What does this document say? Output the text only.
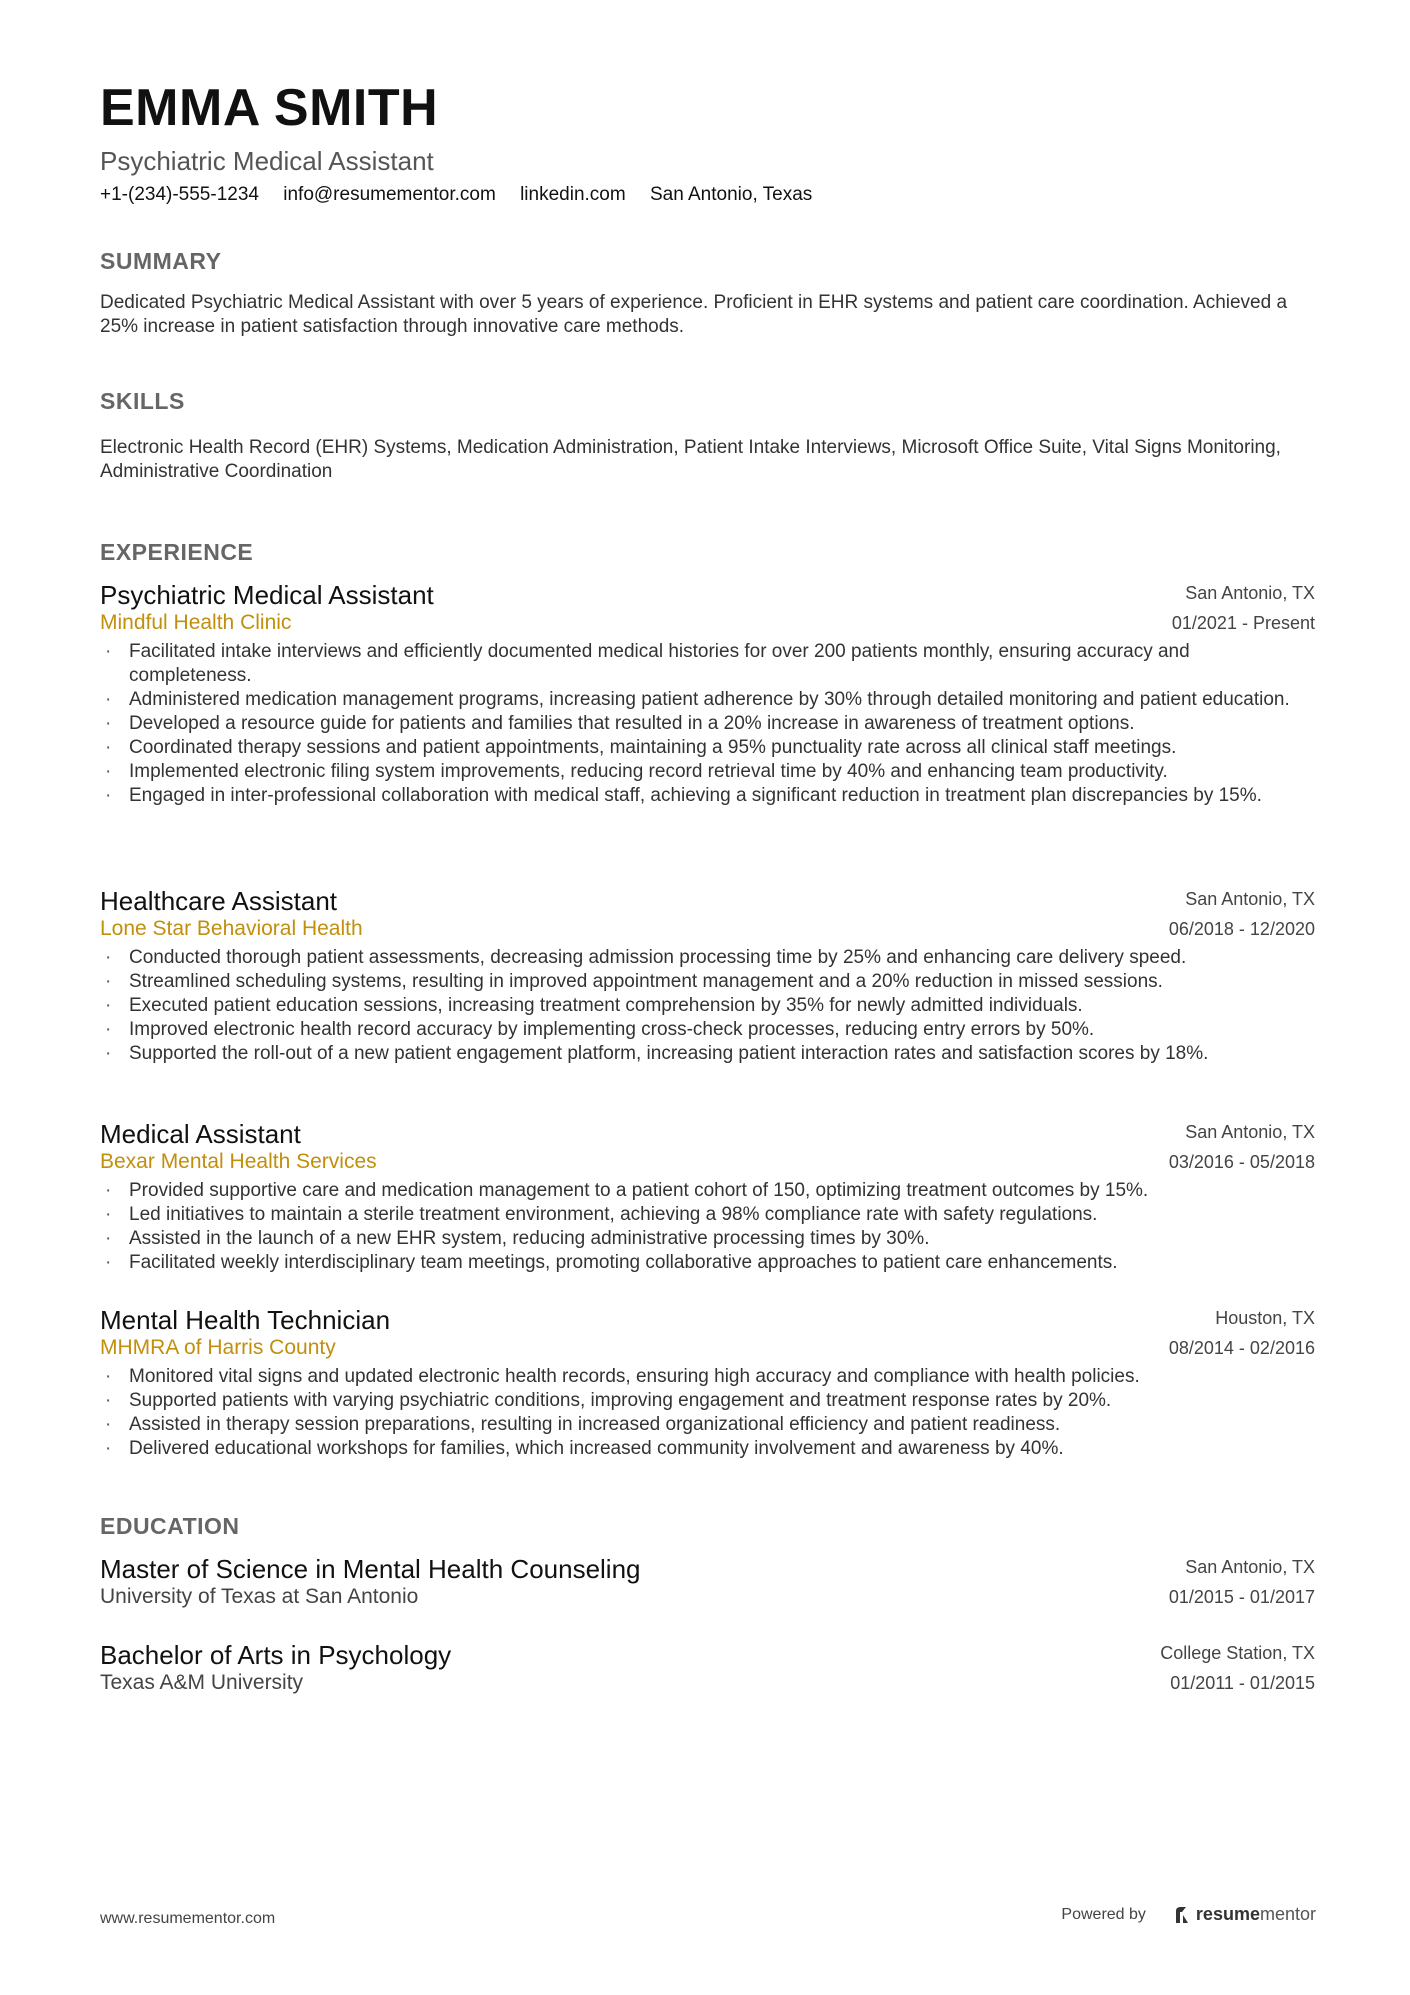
EMMA SMITH
Psychiatric Medical Assistant
+1-(234)-555-1234 info@resumementor.com linkedin.com San Antonio, Texas
SUMMARY
Dedicated Psychiatric Medical Assistant with over 5 years of experience. Proficient in EHR systems and patient care coordination. Achieved a 25% increase in patient satisfaction through innovative care methods.
SKILLS
Electronic Health Record (EHR) Systems, Medication Administration, Patient Intake Interviews, Microsoft Office Suite, Vital Signs Monitoring, Administrative Coordination
EXPERIENCE
Psychiatric Medical Assistant
Mindful Health Clinic
San Antonio, TX
01/2021 - Present
· Facilitated intake interviews and efficiently documented medical histories for over 200 patients monthly, ensuring accuracy and completeness.
· Administered medication management programs, increasing patient adherence by 30% through detailed monitoring and patient education.
· Developed a resource guide for patients and families that resulted in a 20% increase in awareness of treatment options.
· Coordinated therapy sessions and patient appointments, maintaining a 95% punctuality rate across all clinical staff meetings.
· Implemented electronic filing system improvements, reducing record retrieval time by 40% and enhancing team productivity.
· Engaged in inter-professional collaboration with medical staff, achieving a significant reduction in treatment plan discrepancies by 15%.
Healthcare Assistant
Lone Star Behavioral Health
San Antonio, TX
06/2018 - 12/2020
· Conducted thorough patient assessments, decreasing admission processing time by 25% and enhancing care delivery speed.
· Streamlined scheduling systems, resulting in improved appointment management and a 20% reduction in missed sessions.
· Executed patient education sessions, increasing treatment comprehension by 35% for newly admitted individuals.
· Improved electronic health record accuracy by implementing cross-check processes, reducing entry errors by 50%.
· Supported the roll-out of a new patient engagement platform, increasing patient interaction rates and satisfaction scores by 18%.
Medical Assistant
Bexar Mental Health Services
San Antonio, TX
03/2016 - 05/2018
· Provided supportive care and medication management to a patient cohort of 150, optimizing treatment outcomes by 15%.
· Led initiatives to maintain a sterile treatment environment, achieving a 98% compliance rate with safety regulations.
· Assisted in the launch of a new EHR system, reducing administrative processing times by 30%.
· Facilitated weekly interdisciplinary team meetings, promoting collaborative approaches to patient care enhancements.
Mental Health Technician
MHMRA of Harris County
Houston, TX
08/2014 - 02/2016
· Monitored vital signs and updated electronic health records, ensuring high accuracy and compliance with health policies.
· Supported patients with varying psychiatric conditions, improving engagement and treatment response rates by 20%.
· Assisted in therapy session preparations, resulting in increased organizational efficiency and patient readiness.
· Delivered educational workshops for families, which increased community involvement and awareness by 40%.
EDUCATION
Master of Science in Mental Health Counseling
University of Texas at San Antonio
San Antonio, TX
01/2015 - 01/2017
Bachelor of Arts in Psychology
Texas A&M University
College Station, TX
01/2011 - 01/2015
www.resumementor.com	Powered by	resume mentor
